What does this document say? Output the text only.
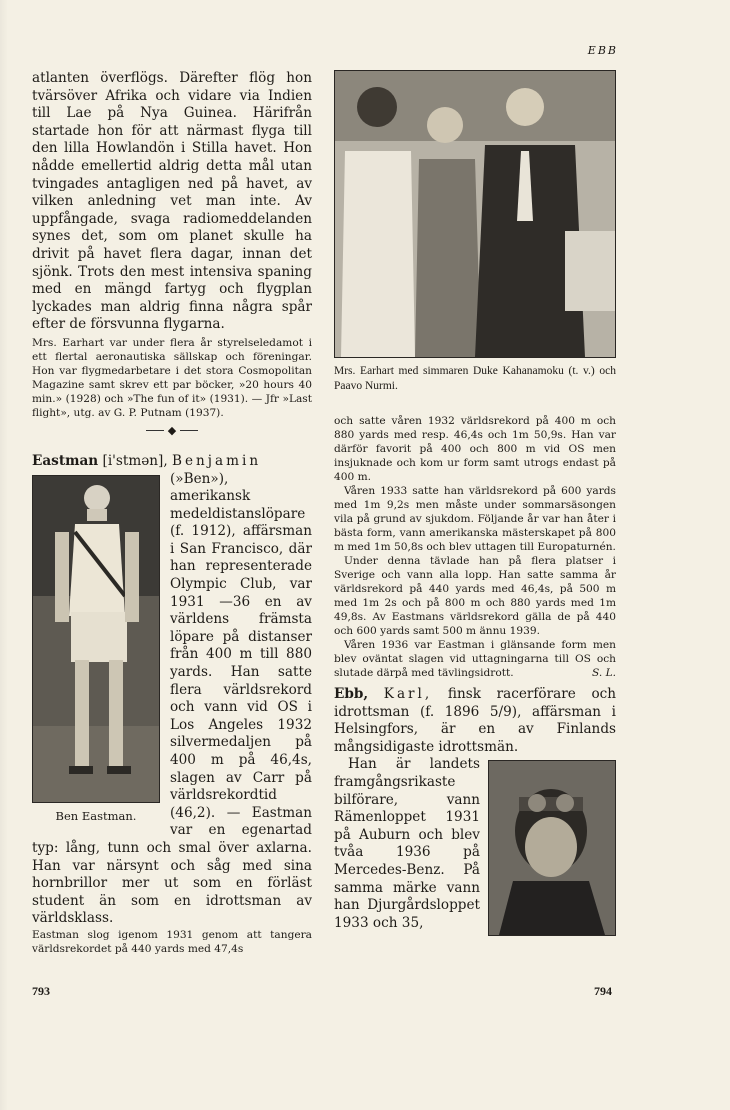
EBB

atlanten överflögs. Därefter flög hon tvärsöver Afrika och vidare via Indien till Lae på Nya Guinea. Härifrån startade hon för att närmast flyga till den lilla Howlandön i Stilla havet. Hon nådde emellertid aldrig detta mål utan tvingades antagligen ned på havet, av vilken anledning vet man inte. Av uppfångade, svaga radiomeddelanden synes det, som om planet skulle ha drivit på havet flera dagar, innan det sjönk. Trots den mest intensiva spaning med en mängd fartyg och flygplan lyckades man aldrig finna några spår efter de försvunna flygarna.

Mrs. Earhart var under flera år styrelseledamot i ett flertal aeronautiska sällskap och föreningar. Hon var flygmedarbetare i det stora Cosmopolitan Magazine samt skrev ett par böcker, »20 hours 40 min.» (1928) och »The fun of it» (1931). — Jfr »Last flight», utg. av G. P. Putnam (1937).

◆

Eastman [i'stmən], Benjamin

Ben Eastman.

(»Ben»), amerikansk medeldistanslöpare (f. 1912), affärsman i San Francisco, där han representerade Olympic Club, var 1931 —36 en av världens främsta löpare på distanser från 400 m till 880 yards. Han satte flera världsrekord och vann vid OS i Los Angeles 1932 silvermedaljen på 400 m på 46,4s, slagen av Carr på världsrekordtid (46,2). — Eastman var en egenartad typ: lång, tunn och smal över axlarna. Han var närsynt och såg med sina hornbrillor mer ut som en förläst student än som en idrottsman av världsklass.

Eastman slog igenom 1931 genom att tangera världsrekordet på 440 yards med 47,4s

Mrs. Earhart med simmaren Duke Kahanamoku (t. v.) och Paavo Nurmi.

och satte våren 1932 världsrekord på 400 m och 880 yards med resp. 46,4s och 1m 50,9s. Han var därför favorit på 400 och 800 m vid OS men insjuknade och kom ur form samt utrogs endast på 400 m.

Våren 1933 satte han världsrekord på 600 yards med 1m 9,2s men måste under sommarsäsongen vila på grund av sjukdom. Följande år var han åter i bästa form, vann amerikanska mästerskapet på 800 m med 1m 50,8s och blev uttagen till Europaturnén.

Under denna tävlade han på flera platser i Sverige och vann alla lopp. Han satte samma år världsrekord på 440 yards med 46,4s, på 500 m med 1m 2s och på 800 m och 880 yards med 1m 49,8s. Av Eastmans världsrekord gälla de på 440 och 600 yards samt 500 m ännu 1939.

Våren 1936 var Eastman i glänsande form men blev oväntat slagen vid uttagningarna till OS och slutade därpå med tävlingsidrott.	S. L.

Ebb, Karl, finsk racerförare och idrottsman (f. 1896 5/9), affärsman i Helsingfors, är en av Finlands mångsidigaste idrottsmän.

Han är landets framgångsrikaste bilförare, vann Rämenloppet 1931 på Auburn och blev tvåa 1936 på Mercedes-Benz. På samma märke vann han Djurgårdsloppet 1933 och 35,

793	794
